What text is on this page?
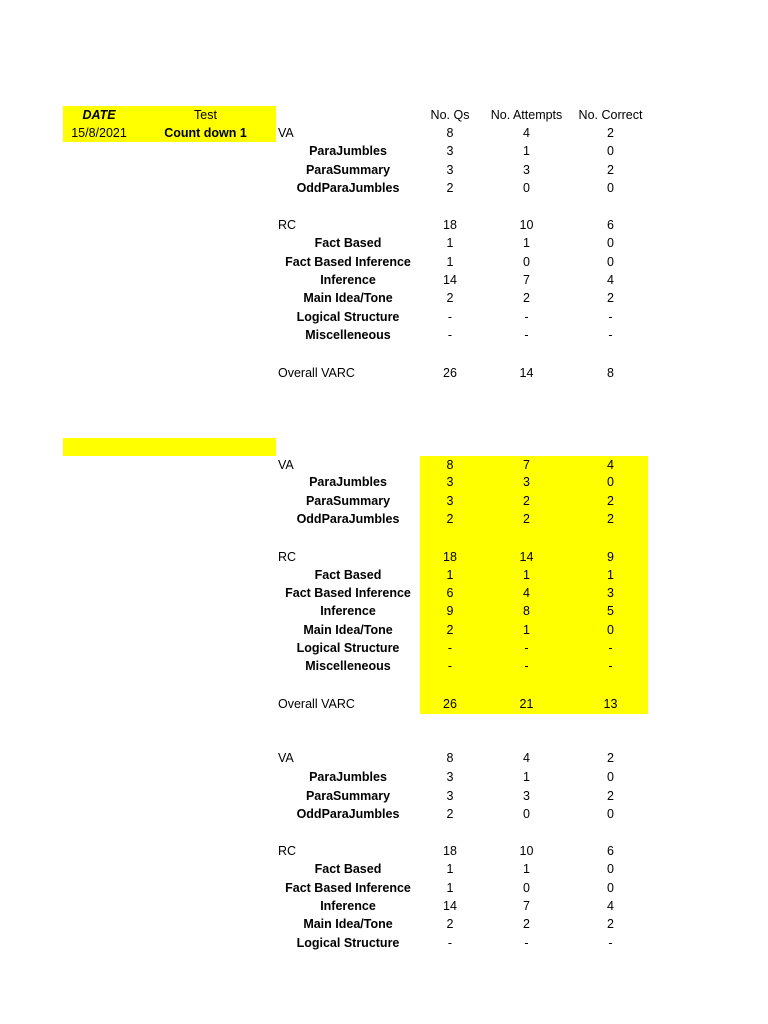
DATE	Test	No. Qs	No. Attempts	No. Correct
15/8/2021	Count down 1	VA	8	4	2
ParaJumbles	3	1	0
ParaSummary	3	3	2
OddParaJumbles	2	0	0
RC	18	10	6
Fact Based	1	1	0
Fact Based Inference	1	0	0
Inference	14	7	4
Main Idea/Tone	2	2	2
Logical Structure	-	-	-
Miscelleneous	-	-	-
Overall VARC	26	14	8
VA	8	7	4
ParaJumbles	3	3	0
ParaSummary	3	2	2
OddParaJumbles	2	2	2
RC	18	14	9
Fact Based	1	1	1
Fact Based Inference	6	4	3
Inference	9	8	5
Main Idea/Tone	2	1	0
Logical Structure	-	-	-
Miscelleneous	-	-	-
Overall VARC	26	21	13
VA	8	4	2
ParaJumbles	3	1	0
ParaSummary	3	3	2
OddParaJumbles	2	0	0
RC	18	10	6
Fact Based	1	1	0
Fact Based Inference	1	0	0
Inference	14	7	4
Main Idea/Tone	2	2	2
Logical Structure	-	-	-
